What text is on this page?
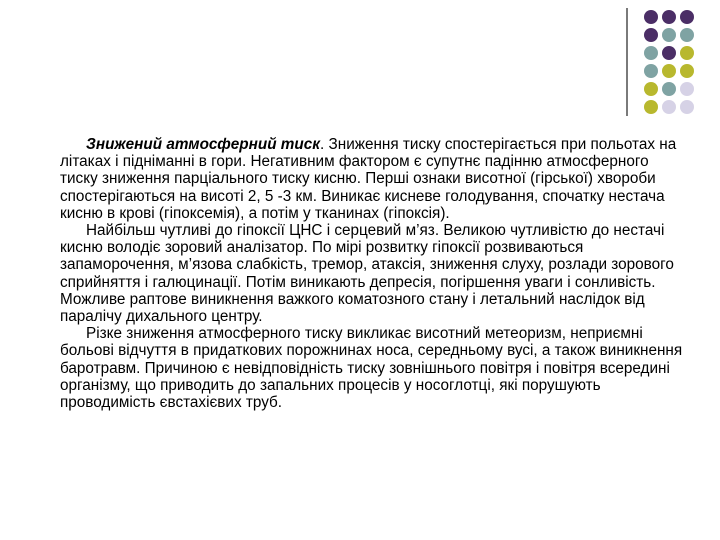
Знижений атмосферний тиск. Зниження тиску спостерігається при польотах на літаках і підніманні в гори. Негативним фактором є супутнє падінню атмосферного тиску зниження парціального тиску кисню. Перші ознаки висотної (гірської) хвороби спостерігаються на висоті 2, 5 -3 км. Виникає кисневе голодування, спочатку нестача кисню в крові (гіпоксемія), а потім у тканинах (гіпоксія).

Найбільш чутливі до гіпоксії ЦНС і серцевий м’яз. Великою чутливістю до нестачі кисню володіє зоровий аналізатор. По мірі розвитку гіпоксії розвиваються запаморочення, м’язова слабкість, тремор, атаксія, зниження слуху, розлади зорового сприйняття і галюцинації. Потім виникають депресія, погіршення уваги і сонливість. Можливе раптове виникнення важкого коматозного стану і летальний наслідок від паралічу дихального центру.

Різке зниження атмосферного тиску викликає висотний метеоризм, неприємні больові відчуття в придаткових порожнинах носа, середньому вусі, а також виникнення баротравм. Причиною є невідповідність тиску зовнішнього повітря і повітря всередині організму, що приводить до запальних процесів у носоглотці, які порушують проводимість євстахієвих труб.
